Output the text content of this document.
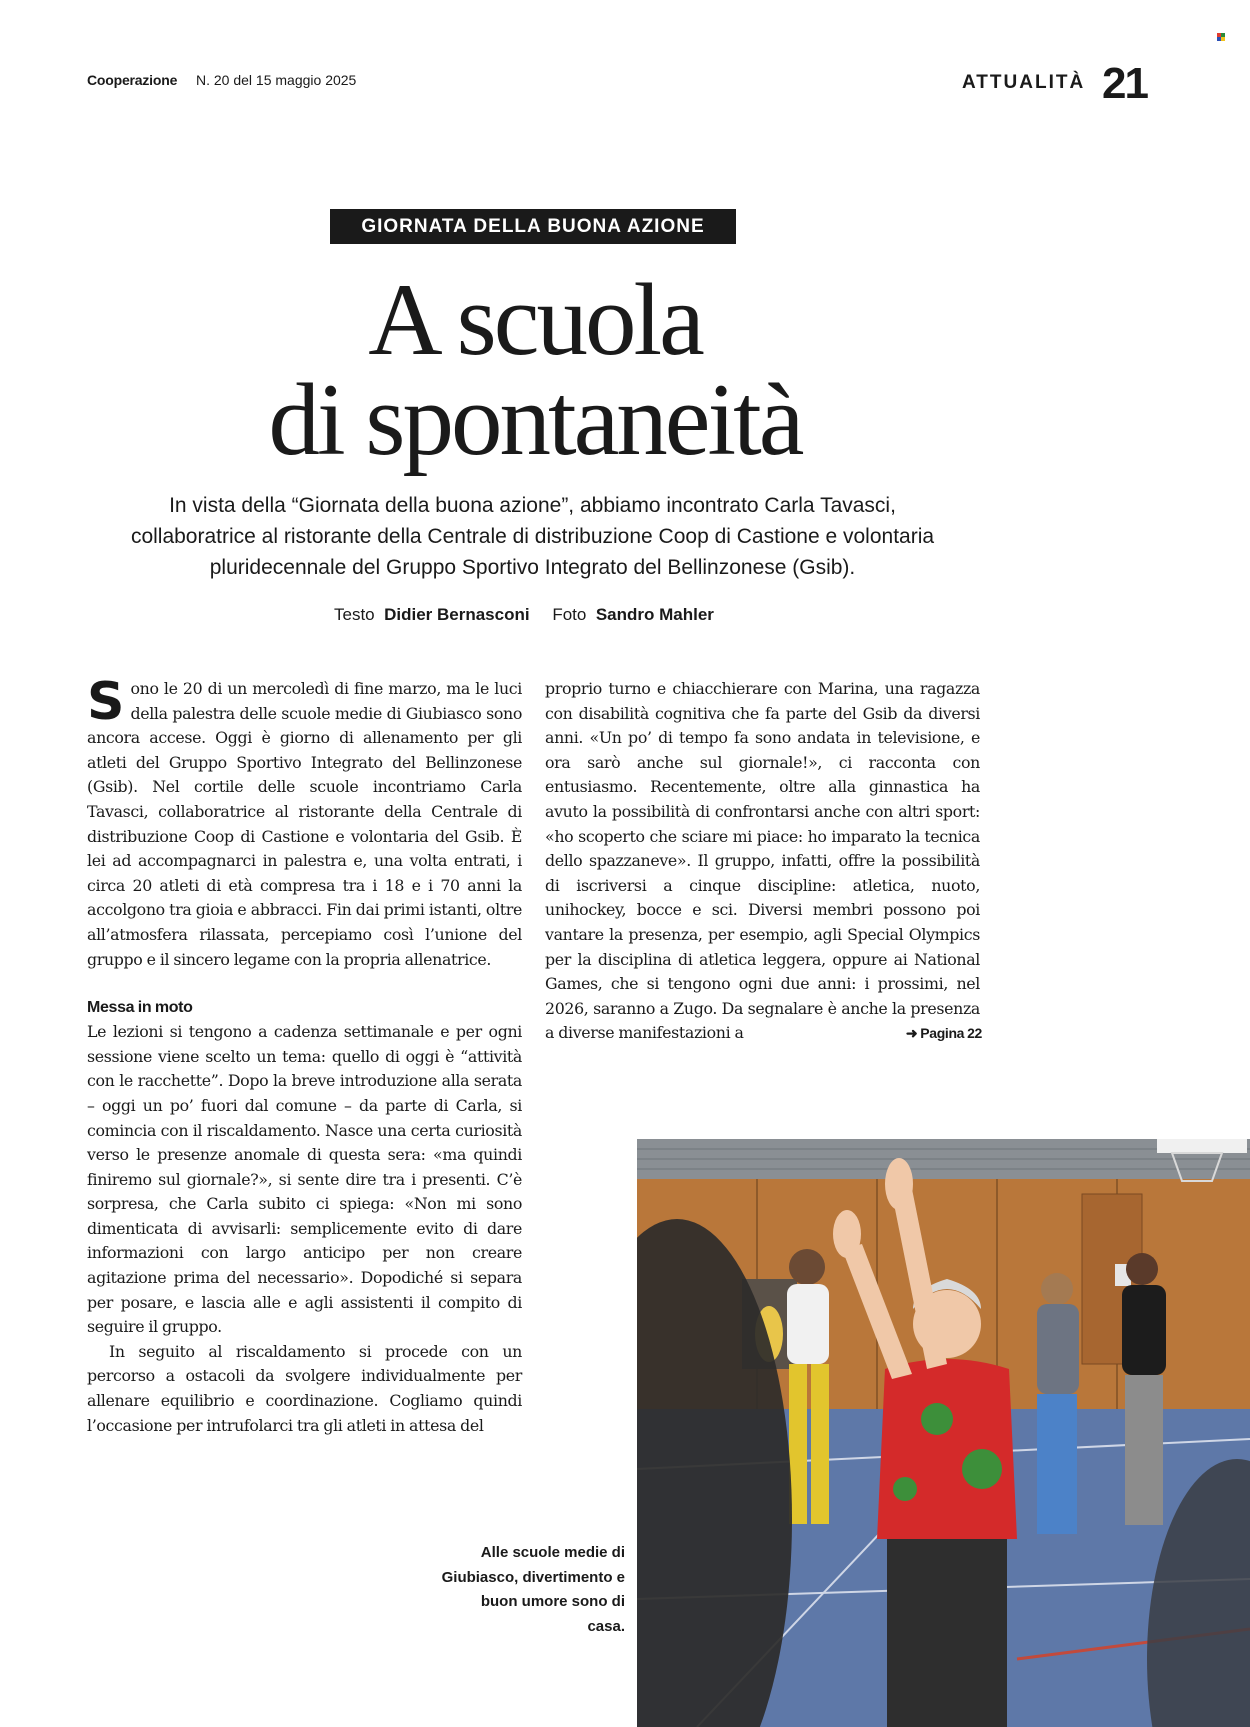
Cooperazione N. 20 del 15 maggio 2025	ATTUALITÀ 21
GIORNATA DELLA BUONA AZIONE
A scuola
di spontaneità
In vista della “Giornata della buona azione”, abbiamo incontrato Carla Tavasci,
collaboratrice al ristorante della Centrale di distribuzione Coop di Castione e volontaria
pluridecennale del Gruppo Sportivo Integrato del Bellinzonese (Gsib).
Testo Didier Bernasconi Foto Sandro Mahler

Sono le 20 di un mercoledì di fine marzo, ma le luci della palestra delle scuole medie di Giubiasco sono ancora accese. Oggi è giorno di allenamento per gli atleti del Gruppo Sportivo Integrato del Bellinzonese (Gsib). Nel cortile delle scuole incontriamo Carla Tavasci, collaboratrice al ristorante della Centrale di distribuzione Coop di Castione e volontaria del Gsib. È lei ad accompagnarci in palestra e, una volta entrati, i circa 20 atleti di età compresa tra i 18 e i 70 anni la accolgono tra gioia e abbracci. Fin dai primi istanti, oltre all’atmosfera rilassata, percepiamo così l’unione del gruppo e il sincero legame con la propria allenatrice.

Messa in moto

Le lezioni si tengono a cadenza settimanale e per ogni sessione viene scelto un tema: quello di oggi è “attività con le racchette”. Dopo la breve introduzione alla serata – oggi un po’ fuori dal comune – da parte di Carla, si comincia con il riscaldamento. Nasce una certa curiosità verso le presenze anomale di questa sera: «ma quindi finiremo sul giornale?», si sente dire tra i presenti. C’è sorpresa, che Carla subito ci spiega: «Non mi sono dimenticata di avvisarli: semplicemente evito di dare informazioni con largo anticipo per non creare agitazione prima del necessario». Dopodiché si separa per posare, e lascia alle e agli assistenti il compito di seguire il gruppo.

In seguito al riscaldamento si procede con un percorso a ostacoli da svolgere individualmente per allenare equilibrio e coordinazione. Cogliamo quindi l’occasione per intrufolarci tra gli atleti in attesa del

proprio turno e chiacchierare con Marina, una ragazza con disabilità cognitiva che fa parte del Gsib da diversi anni. «Un po’ di tempo fa sono andata in televisione, e ora sarò anche sul giornale!», ci racconta con entusiasmo. Recentemente, oltre alla ginnastica ha avuto la possibilità di confrontarsi anche con altri sport: «ho scoperto che sciare mi piace: ho imparato la tecnica dello spazzaneve». Il gruppo, infatti, offre la possibilità di iscriversi a cinque discipline: atletica, nuoto, unihockey, bocce e sci. Diversi membri possono poi vantare la presenza, per esempio, agli Special Olympics per la disciplina di atletica leggera, oppure ai National Games, che si tengono ogni due anni: i prossimi, nel 2026, saranno a Zugo. Da segnalare è anche la presenza a diverse manifestazioni a	➜ Pagina 22

Alle scuole medie di Giubiasco, divertimento e buon umore sono di casa.
